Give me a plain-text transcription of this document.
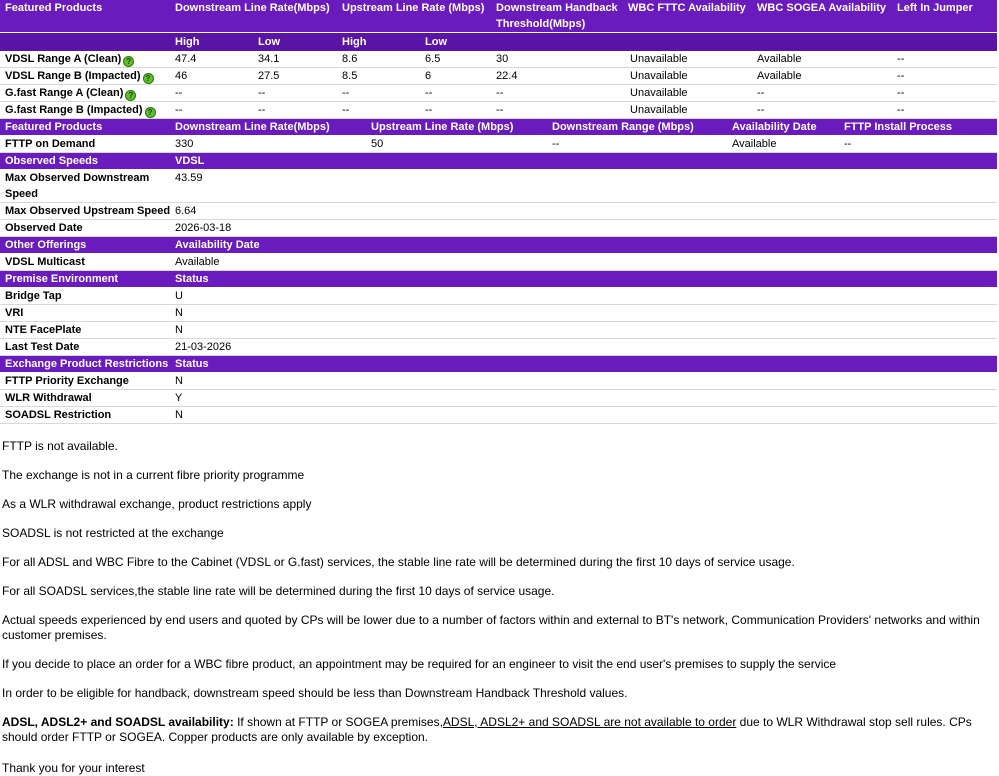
Featured Products	Downstream Line Rate(Mbps)		Upstream Line Rate (Mbps)		Downstream Handback Threshold(Mbps)	WBC FTTC Availability	WBC SOGEA Availability	Left In Jumper
	High	Low	High	Low				
VDSL Range A (Clean) ?	47.4	34.1	8.6	6.5	30	Unavailable	Available	--
VDSL Range B (Impacted) ?	46	27.5	8.5	6	22.4	Unavailable	Available	--
G.fast Range A (Clean) ?	--	--	--	--	--	Unavailable	--	--
G.fast Range B (Impacted) ?	--	--	--	--	--	Unavailable	--	--
Featured Products	Downstream Line Rate(Mbps)	Upstream Line Rate (Mbps)	Downstream Range (Mbps)	Availability Date	FTTP Install Process
FTTP on Demand	330	50	--	Available	--
Observed Speeds	VDSL
Max Observed Downstream Speed	43.59
Max Observed Upstream Speed	6.64
Observed Date	2026-03-18
Other Offerings	Availability Date
VDSL Multicast	Available
Premise Environment	Status
Bridge Tap	U
VRI	N
NTE FacePlate	N
Last Test Date	21-03-2026
Exchange Product Restrictions	Status
FTTP Priority Exchange	N
WLR Withdrawal	Y
SOADSL Restriction	N

FTTP is not available.

The exchange is not in a current fibre priority programme

As a WLR withdrawal exchange, product restrictions apply

SOADSL is not restricted at the exchange

For all ADSL and WBC Fibre to the Cabinet (VDSL or G.fast) services, the stable line rate will be determined during the first 10 days of service usage.

For all SOADSL services,the stable line rate will be determined during the first 10 days of service usage.

Actual speeds experienced by end users and quoted by CPs will be lower due to a number of factors within and external to BT's network, Communication Providers' networks and within customer premises.

If you decide to place an order for a WBC fibre product, an appointment may be required for an engineer to visit the end user's premises to supply the service

In order to be eligible for handback, downstream speed should be less than Downstream Handback Threshold values.

ADSL, ADSL2+ and SOADSL availability: If shown at FTTP or SOGEA premises,ADSL, ADSL2+ and SOADSL are not available to order due to WLR Withdrawal stop sell rules. CPs should order FTTP or SOGEA. Copper products are only available by exception.

Thank you for your interest
